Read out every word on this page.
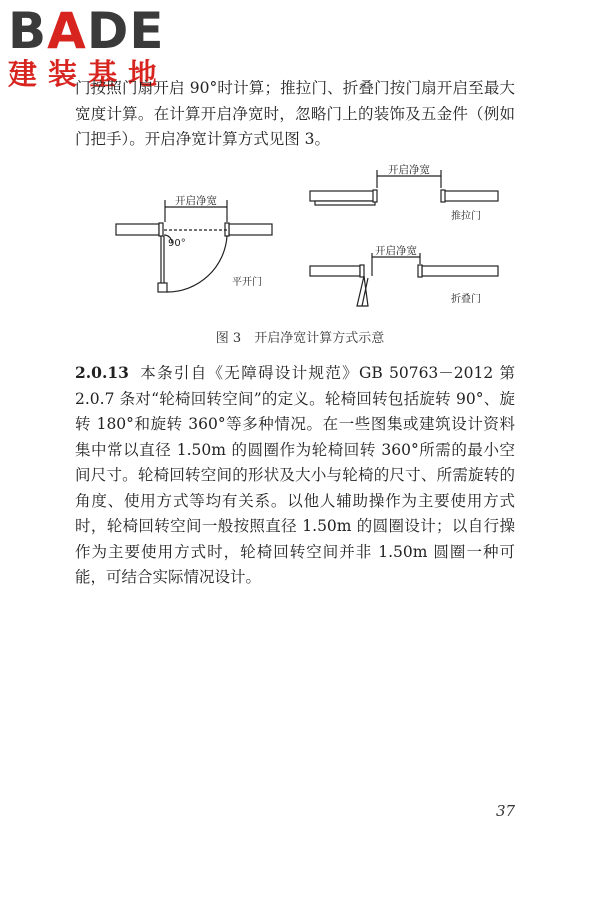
BADE
建装基地

门按照门扇开启 90°时计算；推拉门、折叠门按门扇开启至最大宽度计算。在计算开启净宽时，忽略门上的装饰及五金件（例如门把手）。开启净宽计算方式见图 3。

开启净宽
90°
平开门
开启净宽
推拉门
开启净宽
折叠门
图 3　开启净宽计算方式示意

2.0.13 本条引自《无障碍设计规范》GB 50763－2012 第 2.0.7 条对“轮椅回转空间”的定义。轮椅回转包括旋转 90°、旋转 180°和旋转 360°等多种情况。在一些图集或建筑设计资料集中常以直径 1.50m 的圆圈作为轮椅回转 360°所需的最小空间尺寸。轮椅回转空间的形状及大小与轮椅的尺寸、所需旋转的角度、使用方式等均有关系。以他人辅助操作为主要使用方式时，轮椅回转空间一般按照直径 1.50m 的圆圈设计；以自行操作为主要使用方式时，轮椅回转空间并非 1.50m 圆圈一种可能，可结合实际情况设计。

37
